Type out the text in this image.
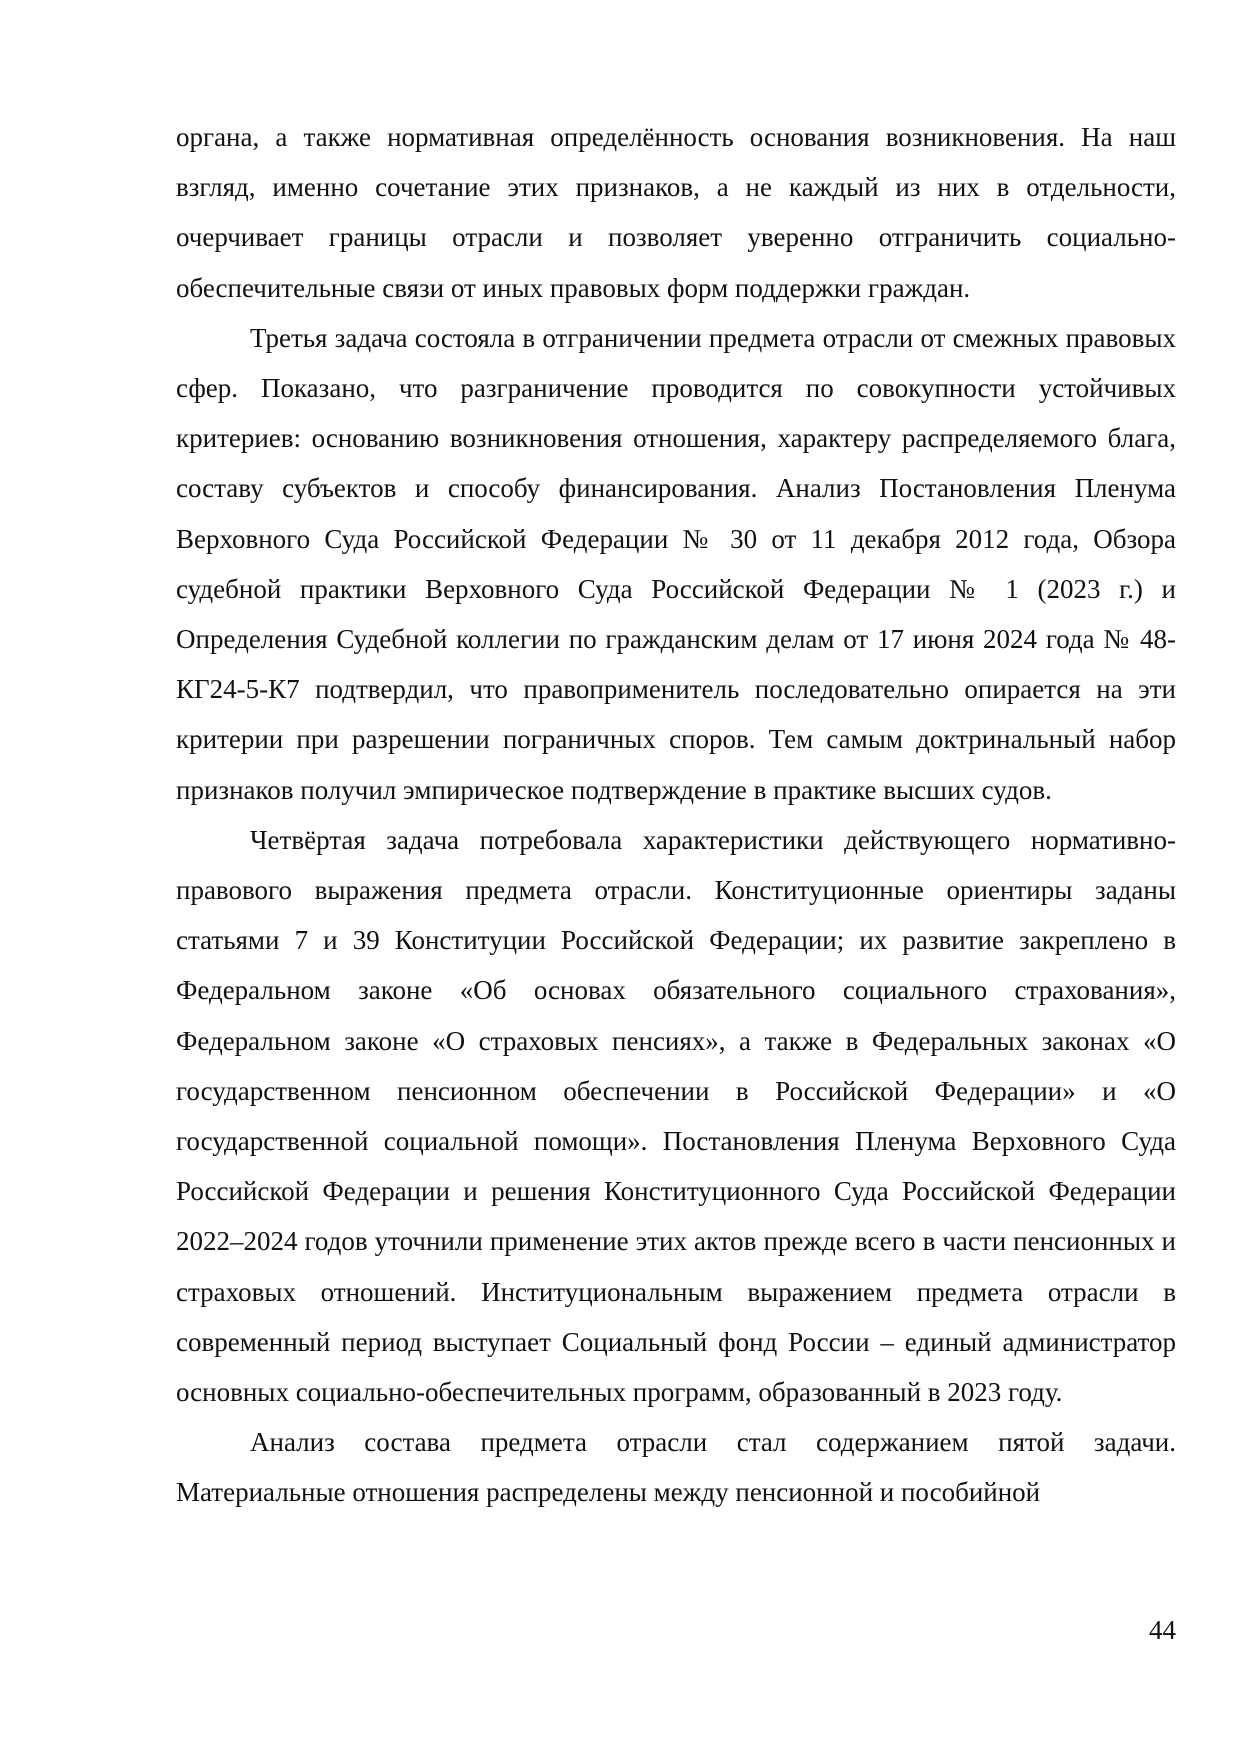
органа, а также нормативная определённость основания возникновения. На наш взгляд, именно сочетание этих признаков, а не каждый из них в отдельности, очерчивает границы отрасли и позволяет уверенно отграничить социально-обеспечительные связи от иных правовых форм поддержки граждан.

Третья задача состояла в отграничении предмета отрасли от смежных правовых сфер. Показано, что разграничение проводится по совокупности устойчивых критериев: основанию возникновения отношения, характеру распределяемого блага, составу субъектов и способу финансирования. Анализ Постановления Пленума Верховного Суда Российской Федерации № 30 от 11 декабря 2012 года, Обзора судебной практики Верховного Суда Российской Федерации № 1 (2023 г.) и Определения Судебной коллегии по гражданским делам от 17 июня 2024 года № 48-КГ24-5-К7 подтвердил, что правоприменитель последовательно опирается на эти критерии при разрешении пограничных споров. Тем самым доктринальный набор признаков получил эмпирическое подтверждение в практике высших судов.

Четвёртая задача потребовала характеристики действующего нормативно-правового выражения предмета отрасли. Конституционные ориентиры заданы статьями 7 и 39 Конституции Российской Федерации; их развитие закреплено в Федеральном законе «Об основах обязательного социального страхования», Федеральном законе «О страховых пенсиях», а также в Федеральных законах «О государственном пенсионном обеспечении в Российской Федерации» и «О государственной социальной помощи». Постановления Пленума Верховного Суда Российской Федерации и решения Конституционного Суда Российской Федерации 2022–2024 годов уточнили применение этих актов прежде всего в части пенсионных и страховых отношений. Институциональным выражением предмета отрасли в современный период выступает Социальный фонд России – единый администратор основных социально-обеспечительных программ, образованный в 2023 году.

Анализ состава предмета отрасли стал содержанием пятой задачи. Материальные отношения распределены между пенсионной и пособийной

44
